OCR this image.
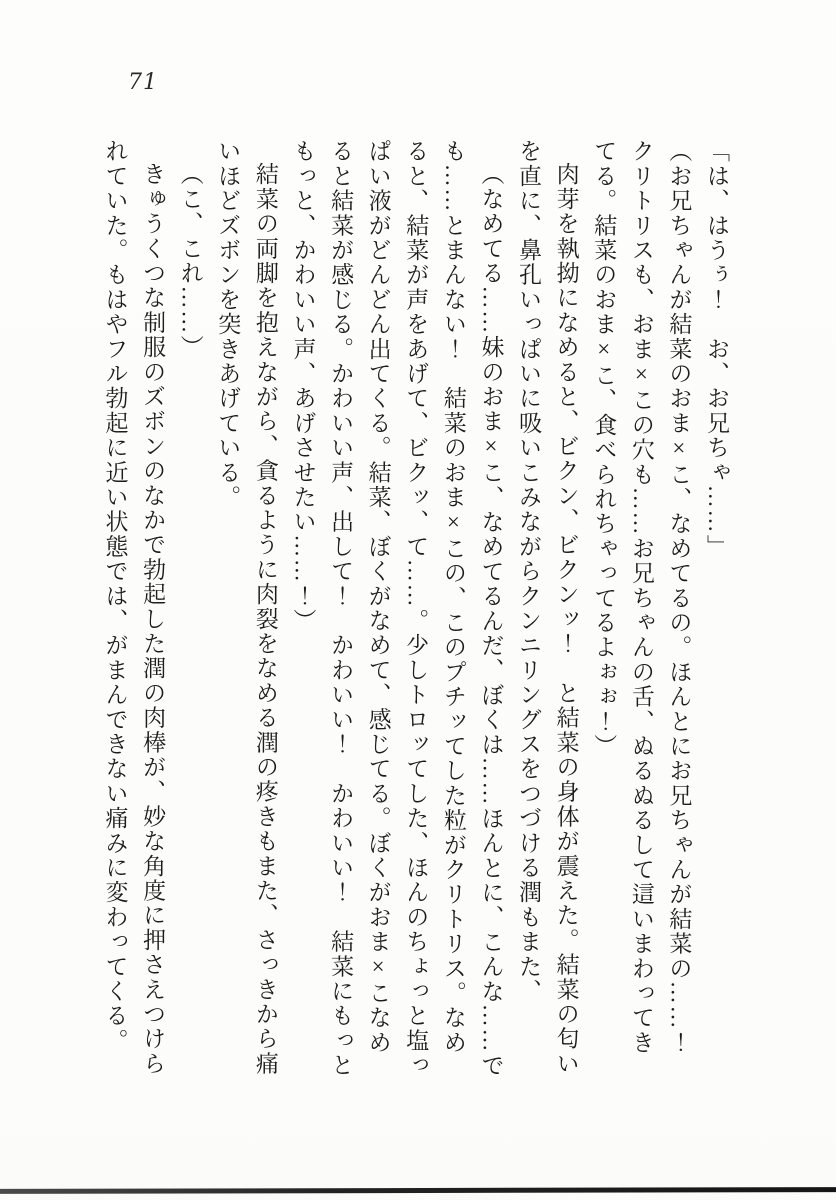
71

「は、はうぅ！　お、お兄ちゃ……」

（お兄ちゃんが結菜のおま×こ、なめてるの。ほんとにお兄ちゃんが結菜の……！クリトリスも、おま×この穴も……お兄ちゃんの舌、ぬるぬるして這いまわってきてる。結菜のおま×こ、食べられちゃってるよぉぉ！）

肉芽を執拗になめると、ビクン、ビクンッ！　と結菜の身体が震えた。結菜の匂いを直に、鼻孔いっぱいに吸いこみながらクンニリングスをつづける潤もまた、

（なめてる……妹のおま×こ、なめてるんだ、ぼくは……ほんとに、こんな……でも……とまんない！　結菜のおま×この、このプチッてした粒がクリトリス。なめると、結菜が声をあげて、ビクッ、て……。少しトロッてした、ほんのちょっと塩っぱい液がどんどん出てくる。結菜、ぼくがなめて、感じてる。ぼくがおま×こなめると結菜が感じる。かわいい声、出して！　かわいい！　かわいい！　結菜にもっともっと、かわいい声、あげさせたい……！）

結菜の両脚を抱えながら、貪るように肉裂をなめる潤の疼きもまた、さっきから痛いほどズボンを突きあげている。

（こ、これ……）

きゅうくつな制服のズボンのなかで勃起した潤の肉棒が、妙な角度に押さえつけられていた。もはやフル勃起に近い状態では、がまんできない痛みに変わってくる。
